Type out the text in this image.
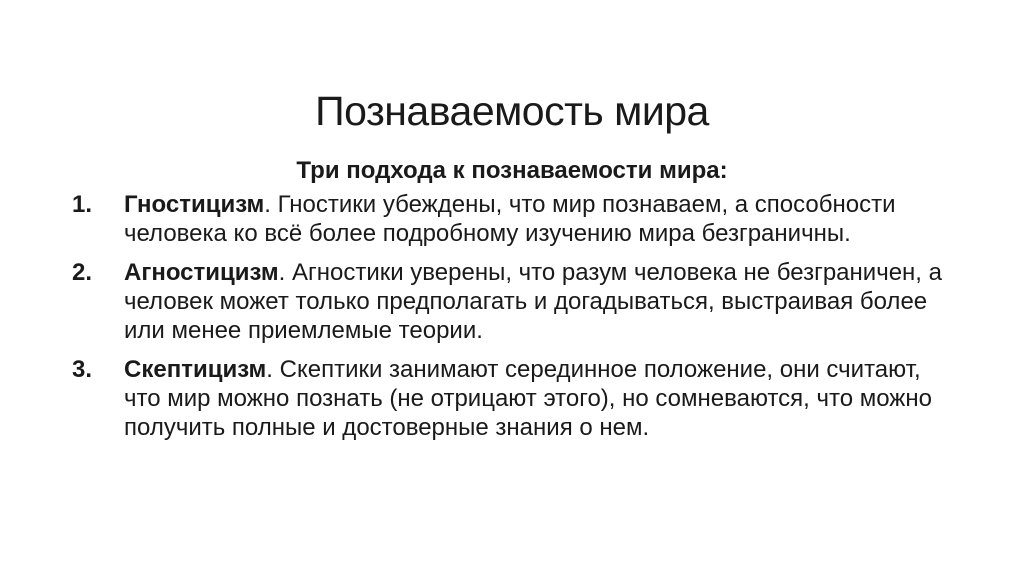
Познаваемость мира
Три подхода к познаваемости мира:
1. Гностицизм. Гностики убеждены, что мир познаваем, а способности человека ко всё более подробному изучению мира безграничны.
2. Агностицизм. Агностики уверены, что разум человека не безграничен, а человек может только предполагать и догадываться, выстраивая более или менее приемлемые теории.
3. Скептицизм. Скептики занимают серединное положение, они считают, что мир можно познать (не отрицают этого), но сомневаются, что можно получить полные и достоверные знания о нем.
